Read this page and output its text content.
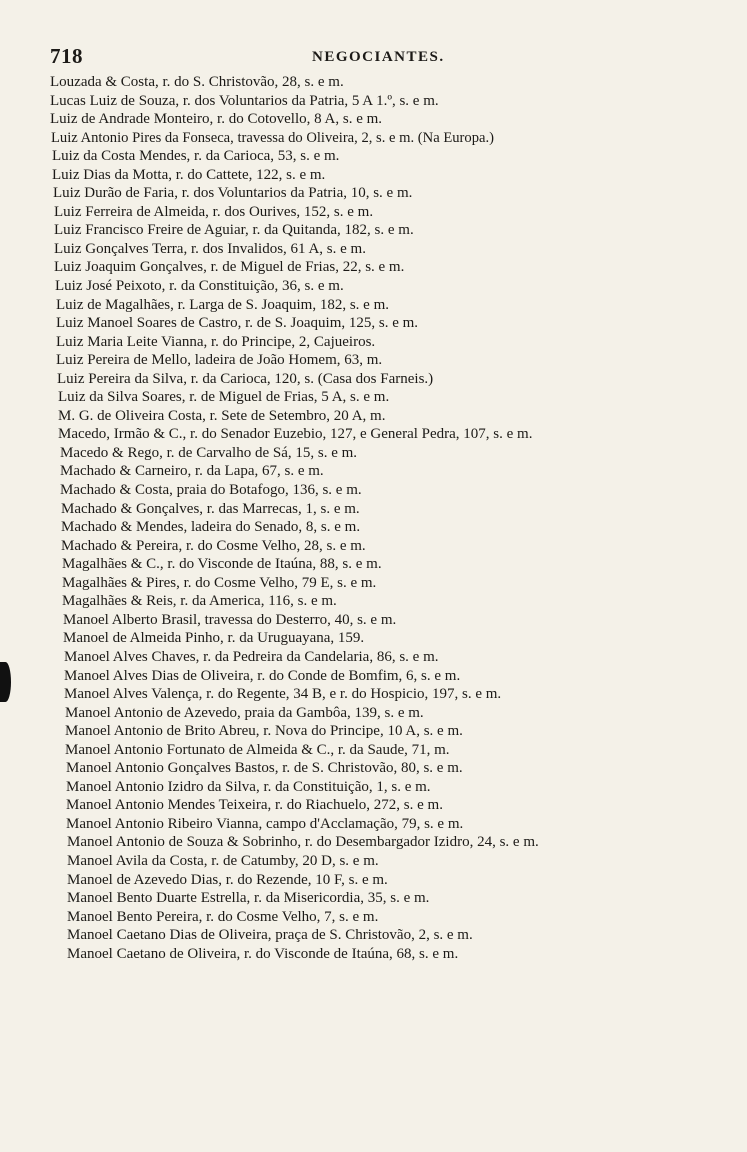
718	NEGOCIANTES.
Louzada & Costa, r. do S. Christovão, 28, s. e m.
Lucas Luiz de Souza, r. dos Voluntarios da Patria, 5 A 1.º, s. e m.
Luiz de Andrade Monteiro, r. do Cotovello, 8 A, s. e m.
Luiz Antonio Pires da Fonseca, travessa do Oliveira, 2, s. e m. (Na Europa.)
Luiz da Costa Mendes, r. da Carioca, 53, s. e m.
Luiz Dias da Motta, r. do Cattete, 122, s. e m.
Luiz Durão de Faria, r. dos Voluntarios da Patria, 10, s. e m.
Luiz Ferreira de Almeida, r. dos Ourives, 152, s. e m.
Luiz Francisco Freire de Aguiar, r. da Quitanda, 182, s. e m.
Luiz Gonçalves Terra, r. dos Invalidos, 61 A, s. e m.
Luiz Joaquim Gonçalves, r. de Miguel de Frias, 22, s. e m.
Luiz José Peixoto, r. da Constituição, 36, s. e m.
Luiz de Magalhães, r. Larga de S. Joaquim, 182, s. e m.
Luiz Manoel Soares de Castro, r. de S. Joaquim, 125, s. e m.
Luiz Maria Leite Vianna, r. do Principe, 2, Cajueiros.
Luiz Pereira de Mello, ladeira de João Homem, 63, m.
Luiz Pereira da Silva, r. da Carioca, 120, s. (Casa dos Farneis.)
Luiz da Silva Soares, r. de Miguel de Frias, 5 A, s. e m.
M. G. de Oliveira Costa, r. Sete de Setembro, 20 A, m.
Macedo, Irmão & C., r. do Senador Euzebio, 127, e General Pedra, 107, s. e m.
Macedo & Rego, r. de Carvalho de Sá, 15, s. e m.
Machado & Carneiro, r. da Lapa, 67, s. e m.
Machado & Costa, praia do Botafogo, 136, s. e m.
Machado & Gonçalves, r. das Marrecas, 1, s. e m.
Machado & Mendes, ladeira do Senado, 8, s. e m.
Machado & Pereira, r. do Cosme Velho, 28, s. e m.
Magalhães & C., r. do Visconde de Itaúna, 88, s. e m.
Magalhães & Pires, r. do Cosme Velho, 79 E, s. e m.
Magalhães & Reis, r. da America, 116, s. e m.
Manoel Alberto Brasil, travessa do Desterro, 40, s. e m.
Manoel de Almeida Pinho, r. da Uruguayana, 159.
Manoel Alves Chaves, r. da Pedreira da Candelaria, 86, s. e m.
Manoel Alves Dias de Oliveira, r. do Conde de Bomfim, 6, s. e m.
Manoel Alves Valença, r. do Regente, 34 B, e r. do Hospicio, 197, s. e m.
Manoel Antonio de Azevedo, praia da Gambôa, 139, s. e m.
Manoel Antonio de Brito Abreu, r. Nova do Principe, 10 A, s. e m.
Manoel Antonio Fortunato de Almeida & C., r. da Saude, 71, m.
Manoel Antonio Gonçalves Bastos, r. de S. Christovão, 80, s. e m.
Manoel Antonio Izidro da Silva, r. da Constituição, 1, s. e m.
Manoel Antonio Mendes Teixeira, r. do Riachuelo, 272, s. e m.
Manoel Antonio Ribeiro Vianna, campo d'Acclamação, 79, s. e m.
Manoel Antonio de Souza & Sobrinho, r. do Desembargador Izidro, 24, s. e m.
Manoel Avila da Costa, r. de Catumby, 20 D, s. e m.
Manoel de Azevedo Dias, r. do Rezende, 10 F, s. e m.
Manoel Bento Duarte Estrella, r. da Misericordia, 35, s. e m.
Manoel Bento Pereira, r. do Cosme Velho, 7, s. e m.
Manoel Caetano Dias de Oliveira, praça de S. Christovão, 2, s. e m.
Manoel Caetano de Oliveira, r. do Visconde de Itaúna, 68, s. e m.
